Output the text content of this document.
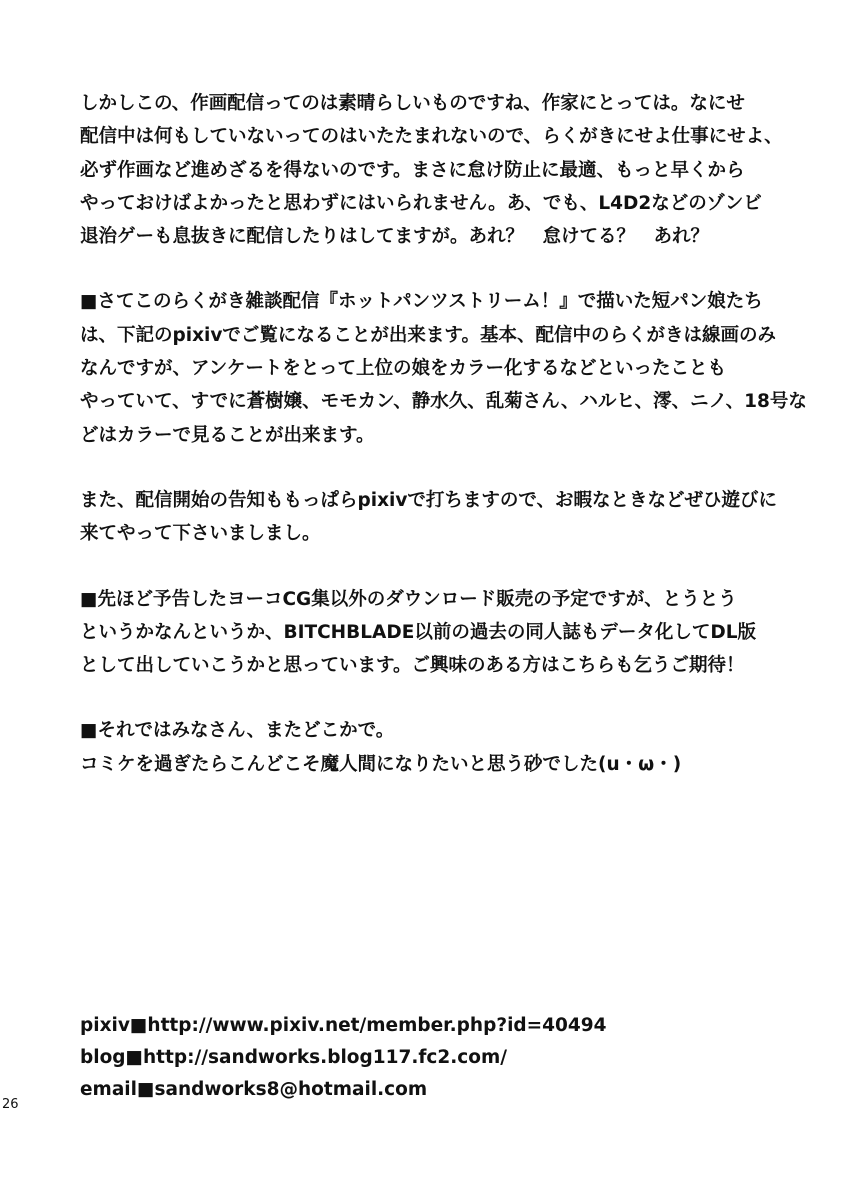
しかしこの、作画配信ってのは素晴らしいものですね、作家にとっては。なにせ
配信中は何もしていないってのはいたたまれないので、らくがきにせよ仕事にせよ、
必ず作画など進めざるを得ないのです。まさに怠け防止に最適、もっと早くから
やっておけばよかったと思わずにはいられません。あ、でも、L4D2などのゾンビ
退治ゲーも息抜きに配信したりはしてますが。あれ？　怠けてる？　あれ？
■さてこのらくがき雑談配信『ホットパンツストリーム！』で描いた短パン娘たち
は、下記のpixivでご覧になることが出来ます。基本、配信中のらくがきは線画のみ
なんですが、アンケートをとって上位の娘をカラー化するなどといったことも
やっていて、すでに蒼樹嬢、モモカン、静水久、乱菊さん、ハルヒ、澪、ニノ、18号な
どはカラーで見ることが出来ます。
また、配信開始の告知ももっぱらpixivで打ちますので、お暇なときなどぜひ遊びに
来てやって下さいましまし。
■先ほど予告したヨーコCG集以外のダウンロード販売の予定ですが、とうとう
というかなんというか、BITCHBLADE以前の過去の同人誌もデータ化してDL版
として出していこうかと思っています。ご興味のある方はこちらも乞うご期待！
■それではみなさん、またどこかで。
コミケを過ぎたらこんどこそ魔人間になりたいと思う砂でした(u・ω・)
pixiv■http://www.pixiv.net/member.php?id=40494
blog■http://sandworks.blog117.fc2.com/
email■sandworks8@hotmail.com
26
